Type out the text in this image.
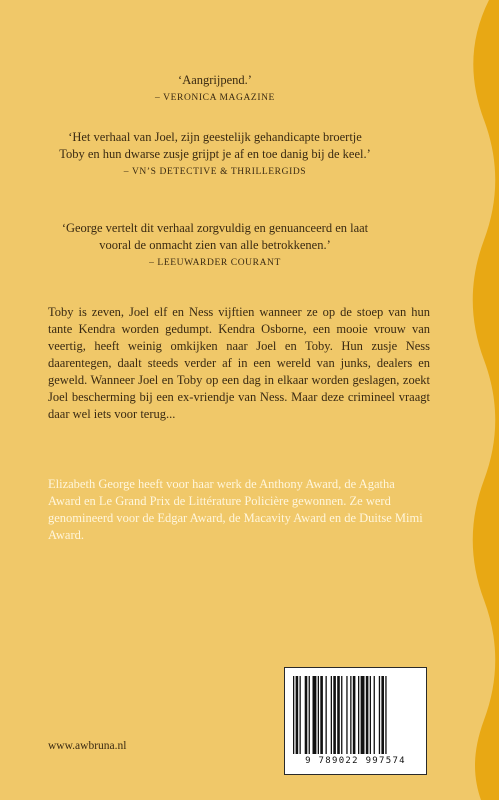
‘Aangrijpend.’
– VERONICA MAGAZINE
‘Het verhaal van Joel, zijn geestelijk gehandicapte broertje Toby en hun dwarse zusje grijpt je af en toe danig bij de keel.’
– VN’S DETECTIVE & THRILLERGIDS
‘George vertelt dit verhaal zorgvuldig en genuanceerd en laat vooral de onmacht zien van alle betrokkenen.’
– LEEUWARDER COURANT
Toby is zeven, Joel elf en Ness vijftien wanneer ze op de stoep van hun tante Kendra worden gedumpt. Kendra Osborne, een mooie vrouw van veertig, heeft weinig omkijken naar Joel en Toby. Hun zusje Ness daarentegen, daalt steeds verder af in een wereld van junks, dealers en geweld. Wanneer Joel en Toby op een dag in elkaar worden geslagen, zoekt Joel bescherming bij een ex-vriendje van Ness. Maar deze crimineel vraagt daar wel iets voor terug...
Elizabeth George heeft voor haar werk de Anthony Award, de Agatha Award en Le Grand Prix de Littérature Policière gewonnen. Ze werd genomineerd voor de Edgar Award, de Macavity Award en de Duitse Mimi Award.
9 789022 997574
www.awbruna.nl
